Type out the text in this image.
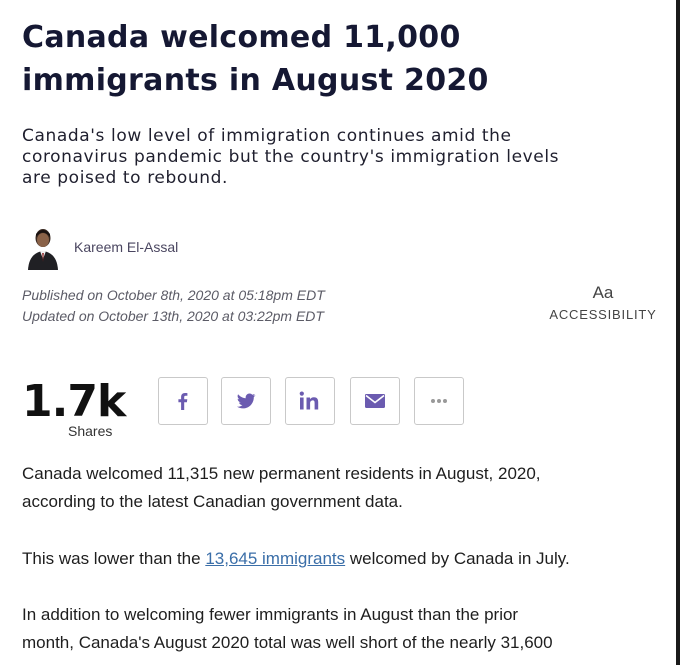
Canada welcomed 11,000
immigrants in August 2020

Canada's low level of immigration continues amid the
coronavirus pandemic but the country's immigration levels
are poised to rebound.

Kareem El-Assal
Published on October 8th, 2020 at 05:18pm EDT
Updated on October 13th, 2020 at 03:22pm EDT
Aa
ACCESSIBILITY
1.7k
Shares

Canada welcomed 11,315 new permanent residents in August, 2020,
according to the latest Canadian government data.

This was lower than the 13,645 immigrants welcomed by Canada in July.

In addition to welcoming fewer immigrants in August than the prior
month, Canada's August 2020 total was well short of the nearly 31,600
